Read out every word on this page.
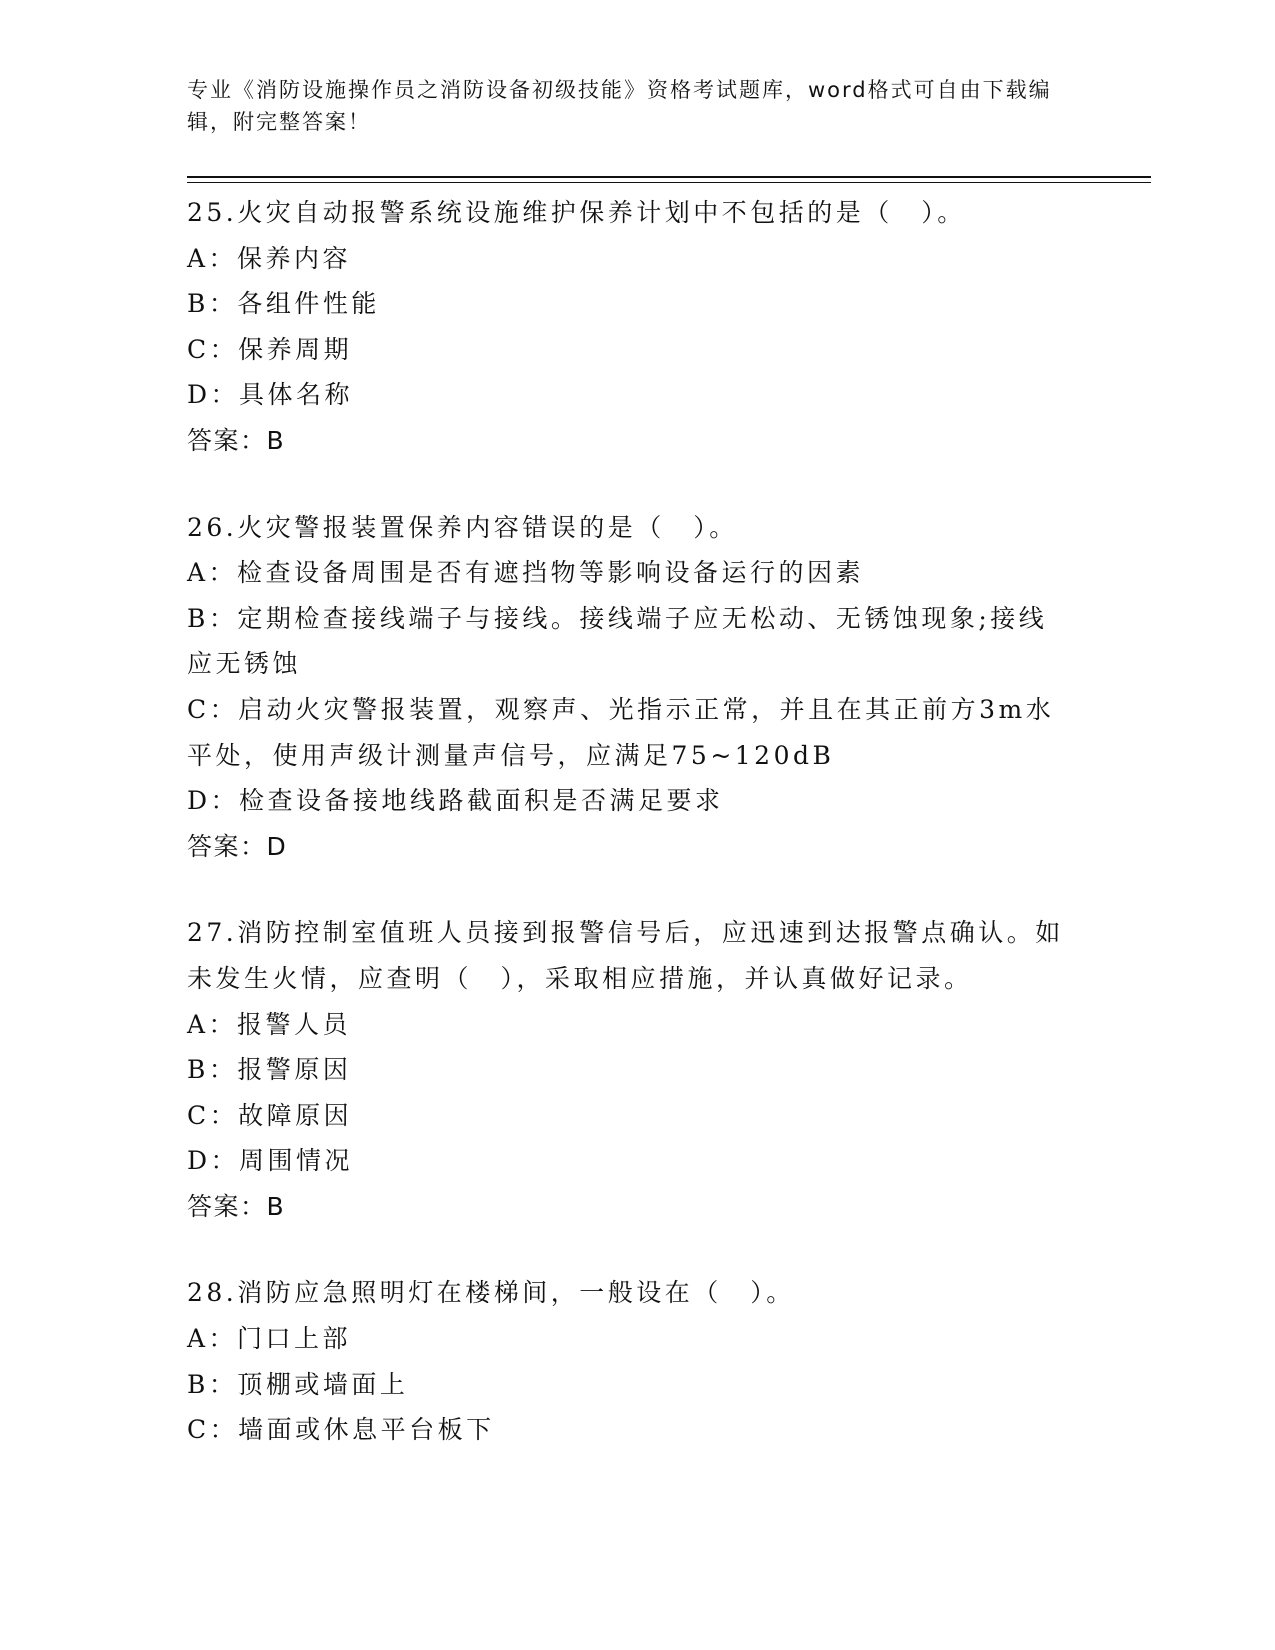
专业《消防设施操作员之消防设备初级技能》资格考试题库，word格式可自由下载编辑，附完整答案！
25.火灾自动报警系统设施维护保养计划中不包括的是（　）。
A：保养内容
B：各组件性能
C：保养周期
D：具体名称
答案：B
26.火灾警报装置保养内容错误的是（　）。
A：检查设备周围是否有遮挡物等影响设备运行的因素
B：定期检查接线端子与接线。接线端子应无松动、无锈蚀现象;接线应无锈蚀
C：启动火灾警报装置，观察声、光指示正常，并且在其正前方3m水平处，使用声级计测量声信号，应满足75~120dB
D：检查设备接地线路截面积是否满足要求
答案：D
27.消防控制室值班人员接到报警信号后，应迅速到达报警点确认。如未发生火情，应查明（　），采取相应措施，并认真做好记录。
A：报警人员
B：报警原因
C：故障原因
D：周围情况
答案：B
28.消防应急照明灯在楼梯间，一般设在（　）。
A：门口上部
B：顶棚或墙面上
C：墙面或休息平台板下
